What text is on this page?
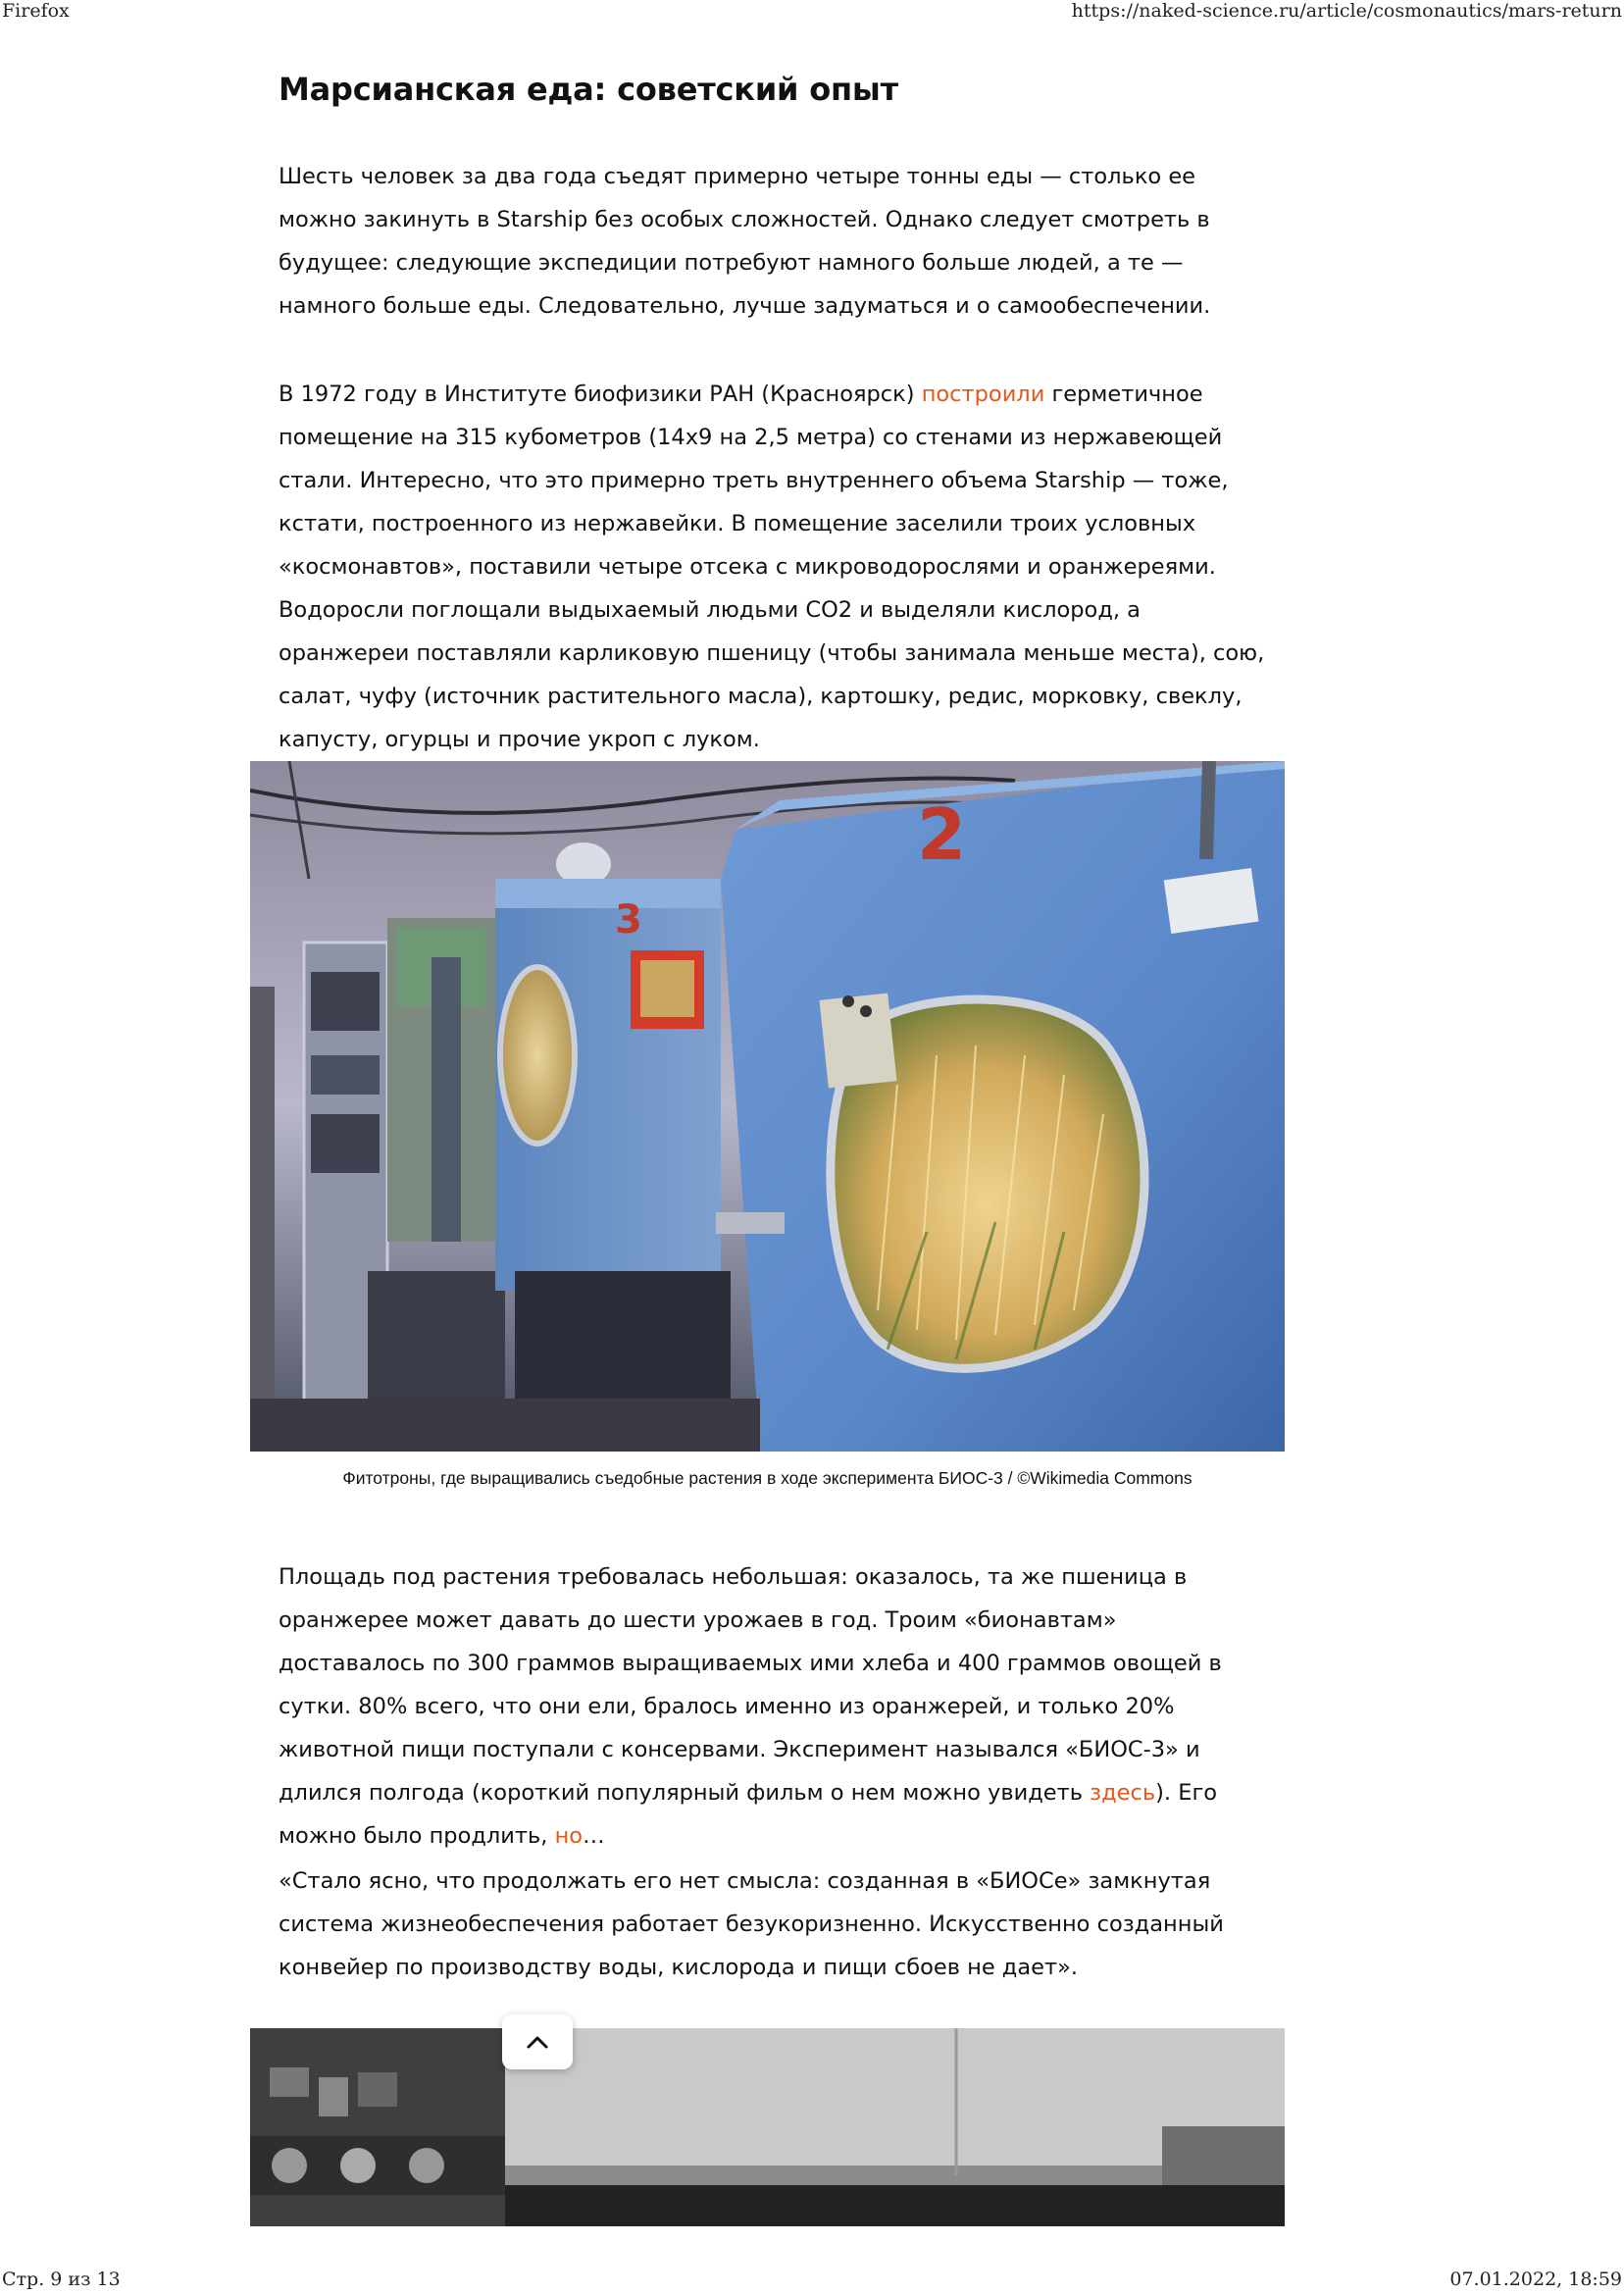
Firefox	https://naked-science.ru/article/cosmonautics/mars-return
Марсианская еда: советский опыт

Шесть человек за два года съедят примерно четыре тонны еды — столько ее можно закинуть в Starship без особых сложностей. Однако следует смотреть в будущее: следующие экспедиции потребуют намного больше людей, а те — намного больше еды. Следовательно, лучше задуматься и о самообеспечении.

В 1972 году в Институте биофизики РАН (Красноярск) построили герметичное помещение на 315 кубометров (14x9 на 2,5 метра) со стенами из нержавеющей стали. Интересно, что это примерно треть внутреннего объема Starship — тоже, кстати, построенного из нержавейки. В помещение заселили троих условных «космонавтов», поставили четыре отсека с микроводорослями и оранжереями. Водоросли поглощали выдыхаемый людьми CO2 и выделяли кислород, а оранжереи поставляли карликовую пшеницу (чтобы занимала меньше места), сою, салат, чуфу (источник растительного масла), картошку, редис, морковку, свеклу, капусту, огурцы и прочие укроп с луком.

Площадь под растения требовалась небольшая: оказалось, та же пшеница в оранжерее может давать до шести урожаев в год. Троим «бионавтам» доставалось по 300 граммов выращиваемых ими хлеба и 400 граммов овощей в сутки. 80% всего, что они ели, бралось именно из оранжерей, и только 20% животной пищи поступали с консервами. Эксперимент назывался «БИОС-3» и длился полгода (короткий популярный фильм о нем можно увидеть здесь). Его можно было продлить, но…

«Стало ясно, что продолжать его нет смысла: созданная в «БИОСе» замкнутая система жизнеобеспечения работает безукоризненно. Искусственно созданный конвейер по производству воды, кислорода и пищи сбоев не дает».

3
2
Фитотроны, где выращивались съедобные растения в ходе эксперимента БИОС-3 / ©Wikimedia Commons
Стр. 9 из 13	07.01.2022, 18:59
